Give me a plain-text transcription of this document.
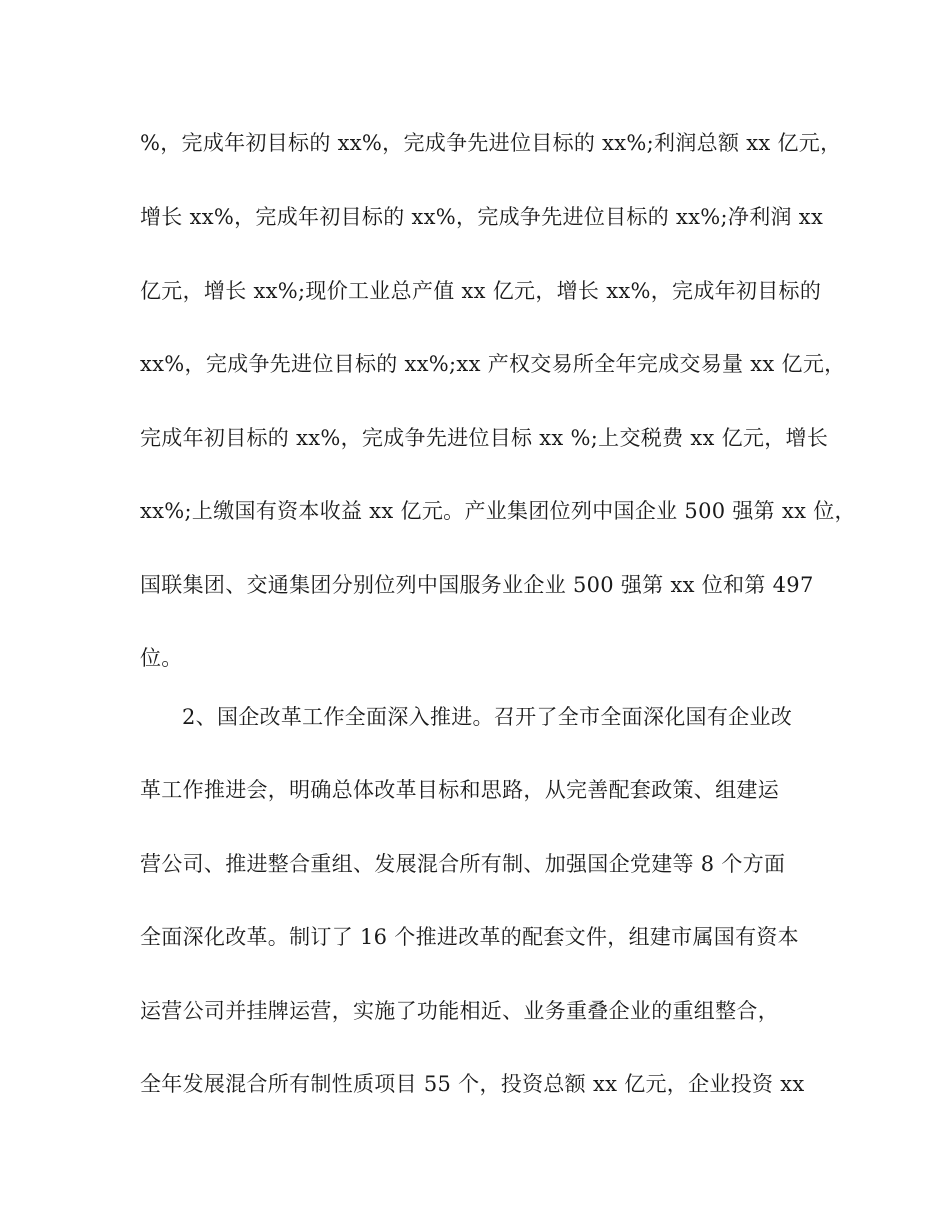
%，完成年初目标的 xx%，完成争先进位目标的 xx%;利润总额 xx 亿元，

增长 xx%，完成年初目标的 xx%，完成争先进位目标的 xx%;净利润 xx

亿元，增长 xx%;现价工业总产值 xx 亿元，增长 xx%，完成年初目标的

xx%，完成争先进位目标的 xx%;xx 产权交易所全年完成交易量 xx 亿元，

完成年初目标的 xx%，完成争先进位目标 xx %;上交税费 xx 亿元，增长

xx%;上缴国有资本收益 xx 亿元。产业集团位列中国企业 500 强第 xx 位，

国联集团、交通集团分别位列中国服务业企业 500 强第 xx 位和第 497

位。

2、国企改革工作全面深入推进。召开了全市全面深化国有企业改

革工作推进会，明确总体改革目标和思路，从完善配套政策、组建运

营公司、推进整合重组、发展混合所有制、加强国企党建等 8 个方面

全面深化改革。制订了 16 个推进改革的配套文件，组建市属国有资本

运营公司并挂牌运营，实施了功能相近、业务重叠企业的重组整合，

全年发展混合所有制性质项目 55 个，投资总额 xx 亿元，企业投资 xx
